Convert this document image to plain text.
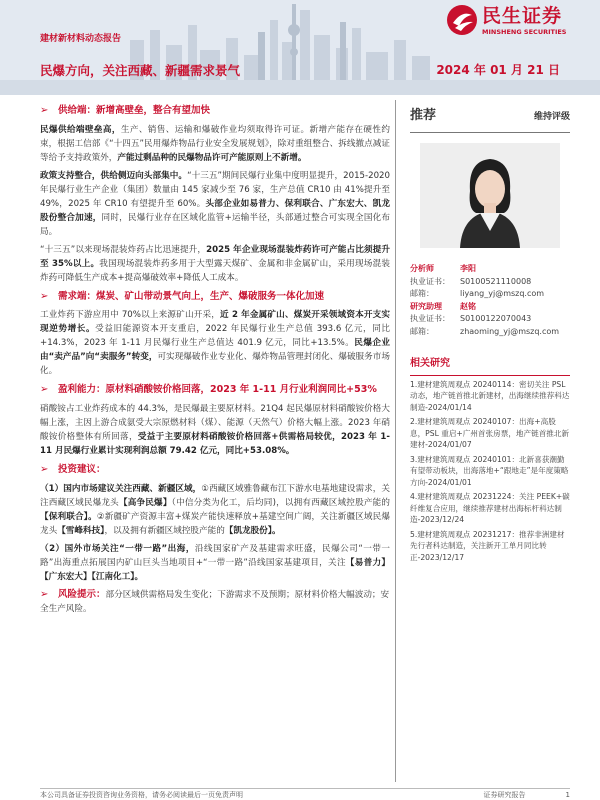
民生证券
MINSHENG SECURITIES
建材新材料动态报告
民爆方向，关注西藏、新疆需求景气	2024 年 01 月 21 日
➢	供给端：新增高壁垒，整合有望加快

民爆供给端壁垒高，生产、销售、运输和爆破作业均须取得许可证。新增产能存在硬性约束，根据工信部《“十四五”民用爆炸物品行业安全发展规划》，除对重组整合、拆线撤点减证等给予支持政策外，产能过剩品种的民爆物品许可产能原则上不新增。

政策支持整合，供给侧迈向头部集中。“十三五”期间民爆行业集中度明显提升，2015-2020 年民爆行业生产企业（集团）数量由 145 家减少至 76 家，生产总值 CR10 由 41%提升至 49%，2025 年 CR10 有望提升至 60%。头部企业如易普力、保利联合、广东宏大、凯龙股份整合加速，同时，民爆行业存在区域化监管+运输半径，头部通过整合可实现全国化布局。

“十三五”以来现场混装炸药占比迅速提升，2025 年企业现场混装炸药许可产能占比须提升至 35%以上。我国现场混装炸药多用于大型露天煤矿、金属和非金属矿山，采用现场混装炸药可降低生产成本+提高爆破效率+降低人工成本。

➢	需求端：煤炭、矿山带动景气向上，生产、爆破服务一体化加速

工业炸药下游应用中 70%以上来源矿山开采，近 2 年金属矿山、煤炭开采领域资本开支实现逆势增长。受益旧能源资本开支重启，2022 年民爆行业生产总值 393.6 亿元，同比+14.3%，2023 年 1-11 月民爆行业生产总值达 401.9 亿元，同比+13.5%。民爆企业由“卖产品”向“卖服务”转变，可实现爆破作业专业化、爆炸物品管理封闭化、爆破服务市场化。

➢	盈利能力：原材料硝酸铵价格回落，2023 年 1-11 月行业利润同比+53%

硝酸铵占工业炸药成本的 44.3%，是民爆最主要原材料。21Q4 起民爆原材料硝酸铵价格大幅上涨，主因上游合成氨受大宗原燃材料（煤）、能源（天然气）价格大幅上涨。2023 年硝酸铵价格整体有所回落，受益于主要原材料硝酸铵价格回落+供需格局较优，2023 年 1-11 月民爆行业累计实现利润总额 79.42 亿元，同比+53.08%。

➢	投资建议：

（1）国内市场建议关注西藏、新疆区域，①西藏区域雅鲁藏布江下游水电基地建设需求，关注西藏区域民爆龙头【高争民爆】（中信分类为化工，后均同)，以拥有西藏区域控股产能的【保利联合】。②新疆矿产资源丰富+煤炭产能快速释放+基建空间广阔，关注新疆区域民爆龙头【雪峰科技】，以及拥有新疆区域控股产能的【凯龙股份】。

（2）国外市场关注“一带一路”出海，沿线国家矿产及基建需求旺盛，民爆公司“一带一路”出海重点拓展国内矿山巨头当地项目+“一带一路”沿线国家基建项目，关注【易普力】【广东宏大】【江南化工】。

➢ 风险提示：部分区域供需格局发生变化；下游需求不及预期；原材料价格大幅波动；安全生产风险。
推荐	维持评级
分析师	李阳
执业证书：	S0100521110008
邮箱：	liyang_yj@mszq.com
研究助理	赵铭
执业证书：	S0100122070043
邮箱：	zhaoming_yj@mszq.com
相关研究
1.建材建筑周观点 20240114：密切关注 PSL 动态，地产链首推北新建材，出海继续推荐科达制造-2024/01/14
2.建材建筑周观点 20240107：出海+高股息，PSL 重启+广州首张房票，地产链首推北新建材-2024/01/07
3.建材建筑周观点 20240101：北新喜获潮勤有望带动板块，出海落地+“跟地走”是年度策略方向-2024/01/01
4.建材建筑周观点 20231224：关注 PEEK+碳纤维复合应用，继续推荐建材出海标杆科达制造-2023/12/24
5.建材建筑周观点 20231217：推荐非洲建材先行者科达制造，关注新开工单月同比转正-2023/12/17
本公司具备证券投资咨询业务资格，请务必阅读最后一页免责声明	证券研究报告	1
